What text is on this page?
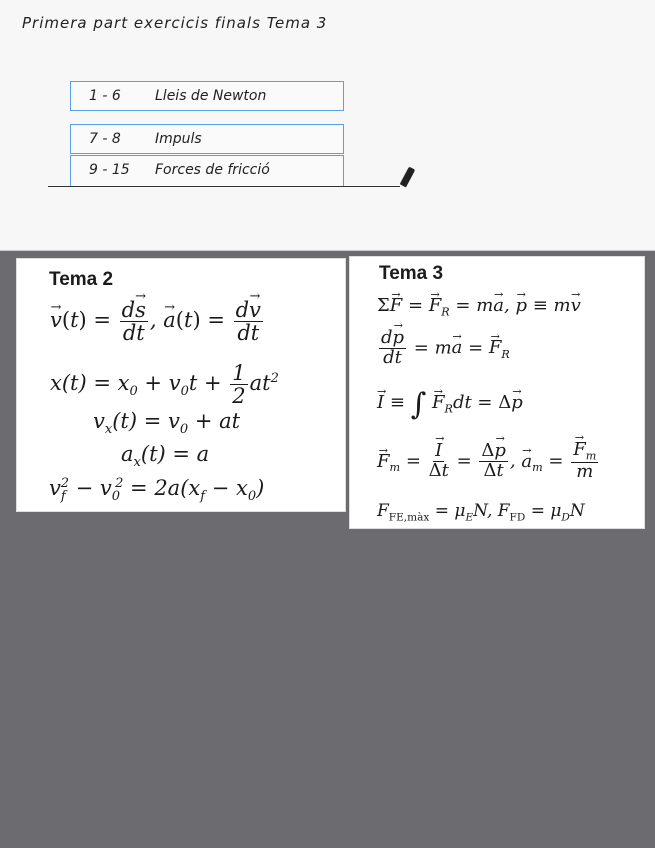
Primera part exercicis finals Tema 3
1 - 6 Lleis de Newton
7 - 8 Impuls
9 - 15 Forces de fricció
Tema 2
→ $v(t) = \frac{d\to s}{dt}$ , → $a(t) = \frac{d\to v}{dt}$
$x(t) = x_0 + v_0t + \frac{1}{2} at^2$
$v_x(t) = v_0$ + at
$a_x(t) = a$
$v_f^2 - v_0^2 = 2a(x_f - x_0)$
Tema 3
Σ→ F = → $F_R = m\to a$, → p ≡ m→ v
$\frac{d\to p}{dt} = m\to a$ = → $F_R$
→ I ≡ ∫ → $F_Rdt = \Delta\to p$
→ $F_m$ = → $\frac{I}{\Delta t} = \frac{\Delta\to p}{\Delta t}$ , → $a_m$ = → $\frac{F_m}{m}$
$F_{FE,màx} = \mu_EN$, $F_{FD} = \mu_DN$
